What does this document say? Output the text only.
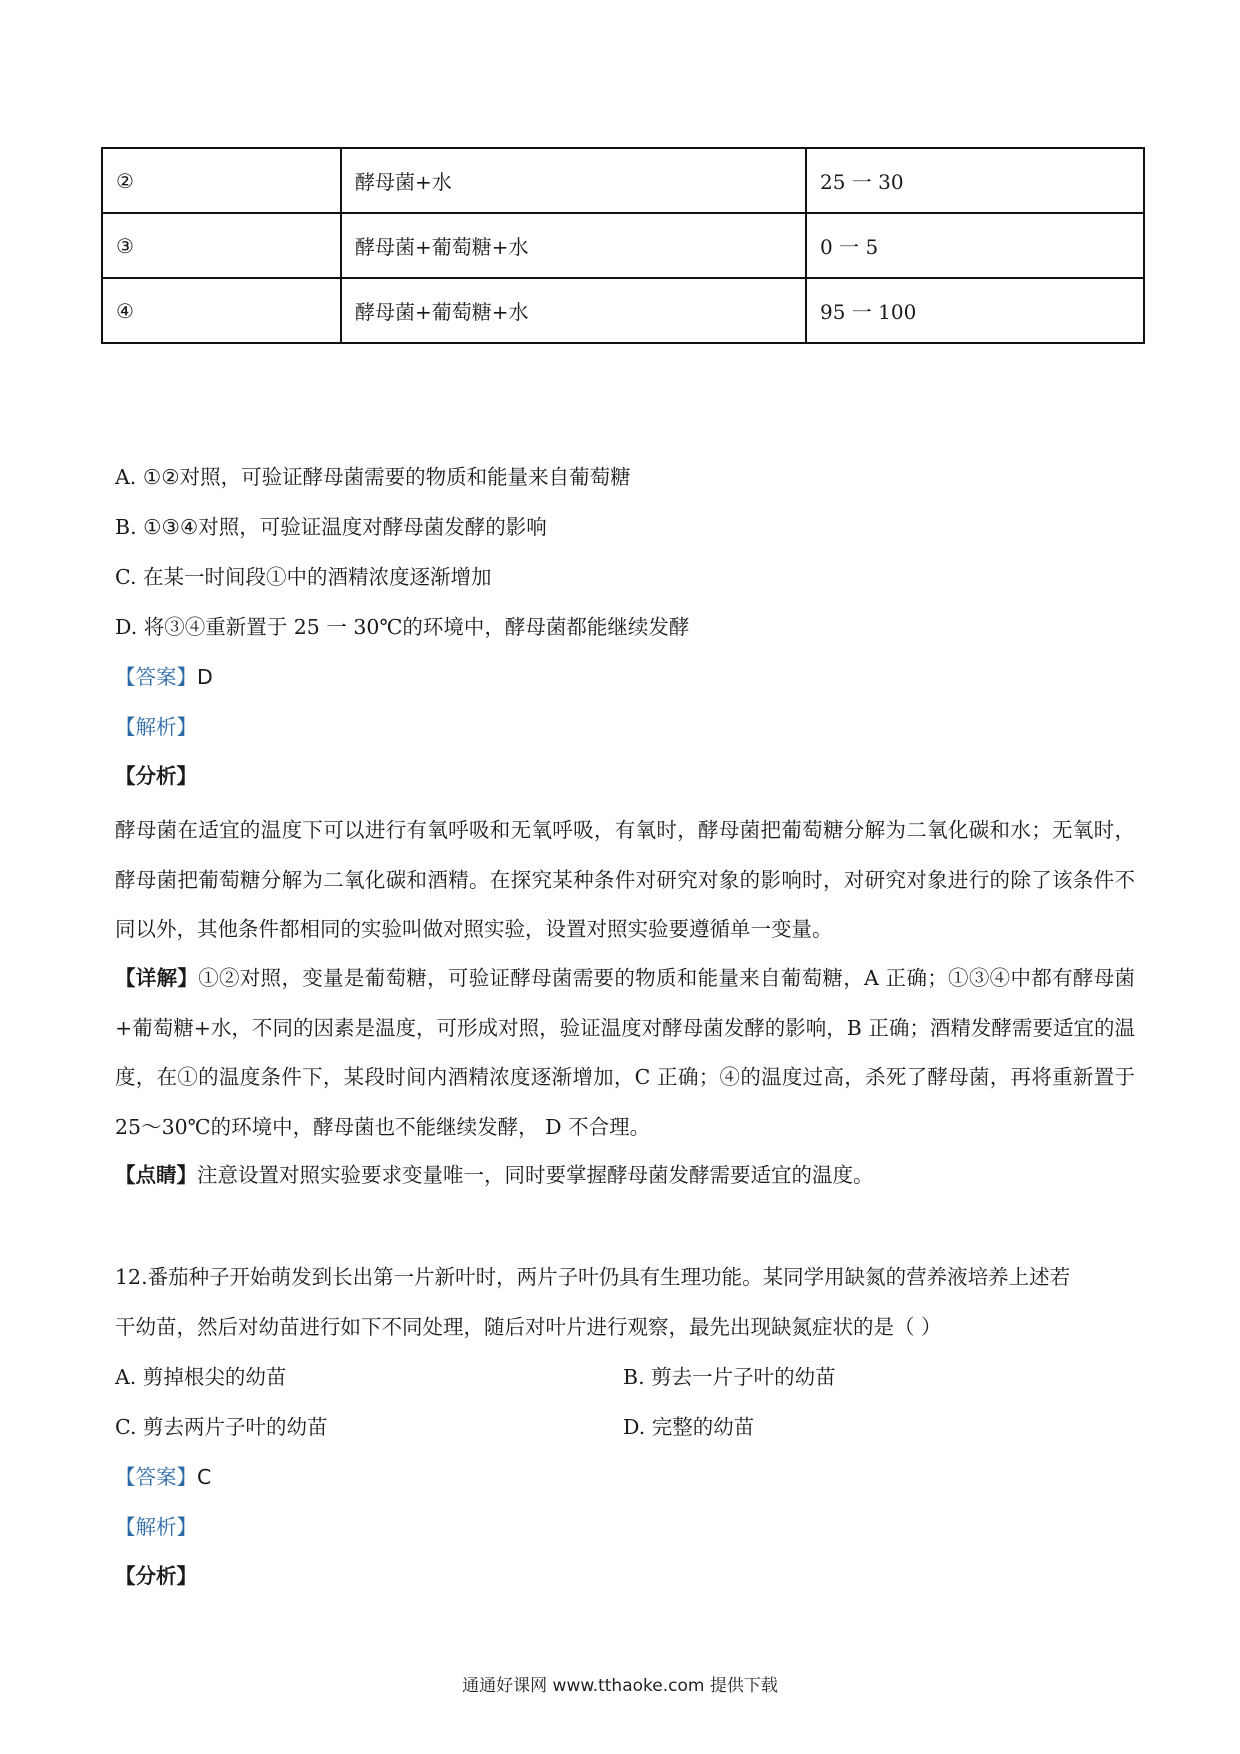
②	酵母菌+水	25 一 30
③	酵母菌+葡萄糖+水	0 一 5
④	酵母菌+葡萄糖+水	95 一 100
A. ①②对照，可验证酵母菌需要的物质和能量来自葡萄糖
B. ①③④对照，可验证温度对酵母菌发酵的影响
C. 在某一时间段①中的酒精浓度逐渐增加
D. 将③④重新置于 25 一 30℃的环境中，酵母菌都能继续发酵
【答案】D
【解析】
【分析】
酵母菌在适宜的温度下可以进行有氧呼吸和无氧呼吸，有氧时，酵母菌把葡萄糖分解为二氧化碳和水；无氧时，酵母菌把葡萄糖分解为二氧化碳和酒精。在探究某种条件对研究对象的影响时，对研究对象进行的除了该条件不同以外，其他条件都相同的实验叫做对照实验，设置对照实验要遵循单一变量。
【详解】①②对照，变量是葡萄糖，可验证酵母菌需要的物质和能量来自葡萄糖，A 正确；①③④中都有酵母菌+葡萄糖+水，不同的因素是温度，可形成对照，验证温度对酵母菌发酵的影响，B 正确；酒精发酵需要适宜的温度，在①的温度条件下，某段时间内酒精浓度逐渐增加，C 正确；④的温度过高，杀死了酵母菌，再将重新置于 25～30℃的环境中，酵母菌也不能继续发酵， D 不合理。
【点睛】注意设置对照实验要求变量唯一，同时要掌握酵母菌发酵需要适宜的温度。
12.番茄种子开始萌发到长出第一片新叶时，两片子叶仍具有生理功能。某同学用缺氮的营养液培养上述若
干幼苗，然后对幼苗进行如下不同处理，随后对叶片进行观察，最先出现缺氮症状的是（ ）
A. 剪掉根尖的幼苗	B. 剪去一片子叶的幼苗
C. 剪去两片子叶的幼苗	D. 完整的幼苗
【答案】C
【解析】
【分析】
通通好课网 www.tthaoke.com 提供下载
